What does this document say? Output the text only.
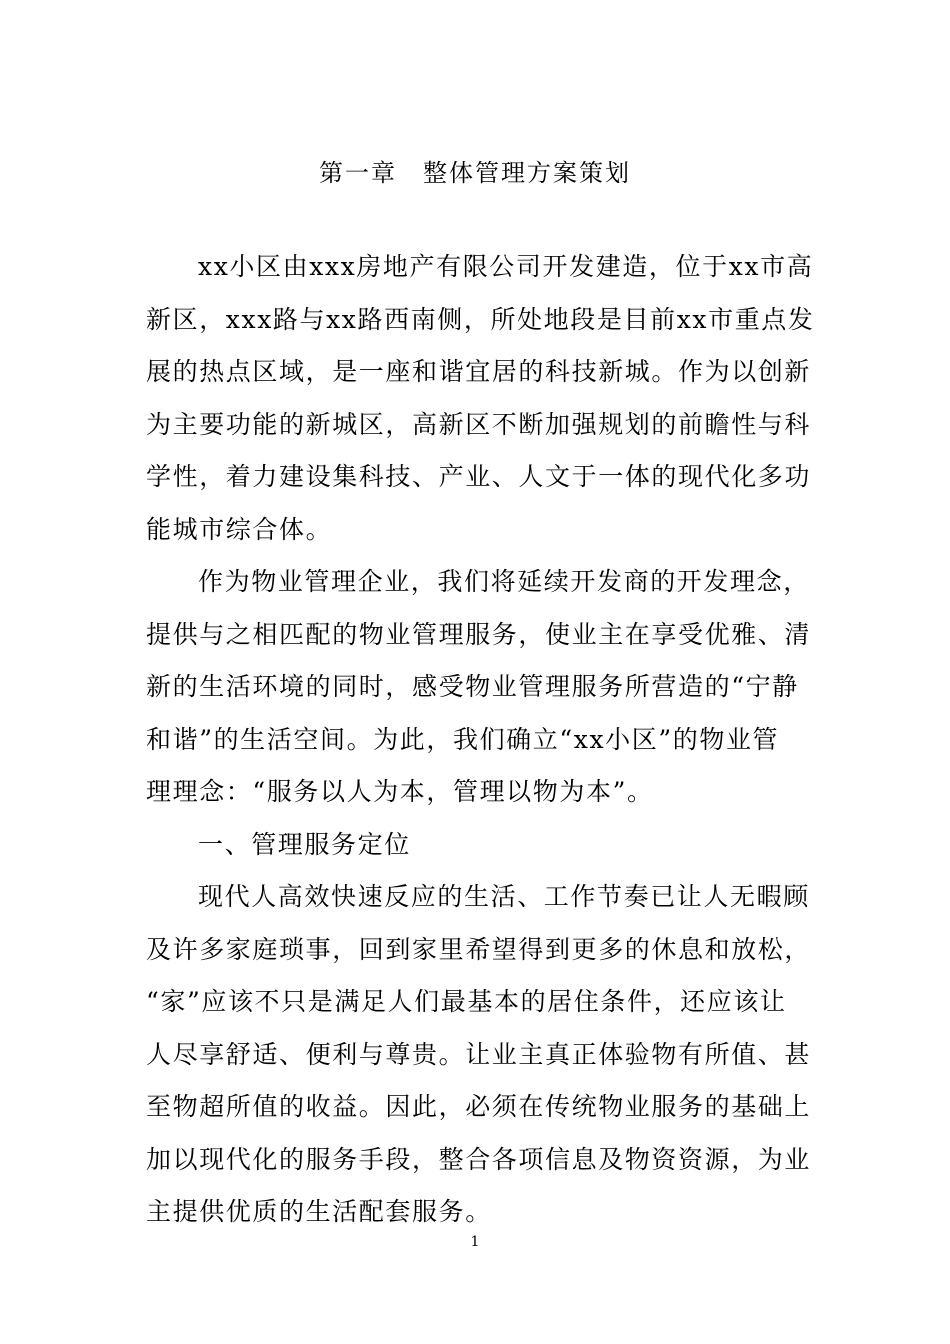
第一章　整体管理方案策划

xx小区由xxx房地产有限公司开发建造，位于xx市高
新区，xxx路与xx路西南侧，所处地段是目前xx市重点发
展的热点区域，是一座和谐宜居的科技新城。作为以创新
为主要功能的新城区，高新区不断加强规划的前瞻性与科
学性，着力建设集科技、产业、人文于一体的现代化多功
能城市综合体。

作为物业管理企业，我们将延续开发商的开发理念，
提供与之相匹配的物业管理服务，使业主在享受优雅、清
新的生活环境的同时，感受物业管理服务所营造的“宁静
和谐”的生活空间。为此，我们确立“xx小区”的物业管
理理念：“服务以人为本，管理以物为本”。

一、管理服务定位

现代人高效快速反应的生活、工作节奏已让人无暇顾
及许多家庭琐事，回到家里希望得到更多的休息和放松，
“家”应该不只是满足人们最基本的居住条件，还应该让
人尽享舒适、便利与尊贵。让业主真正体验物有所值、甚
至物超所值的收益。因此，必须在传统物业服务的基础上
加以现代化的服务手段，整合各项信息及物资资源，为业
主提供优质的生活配套服务。

1
